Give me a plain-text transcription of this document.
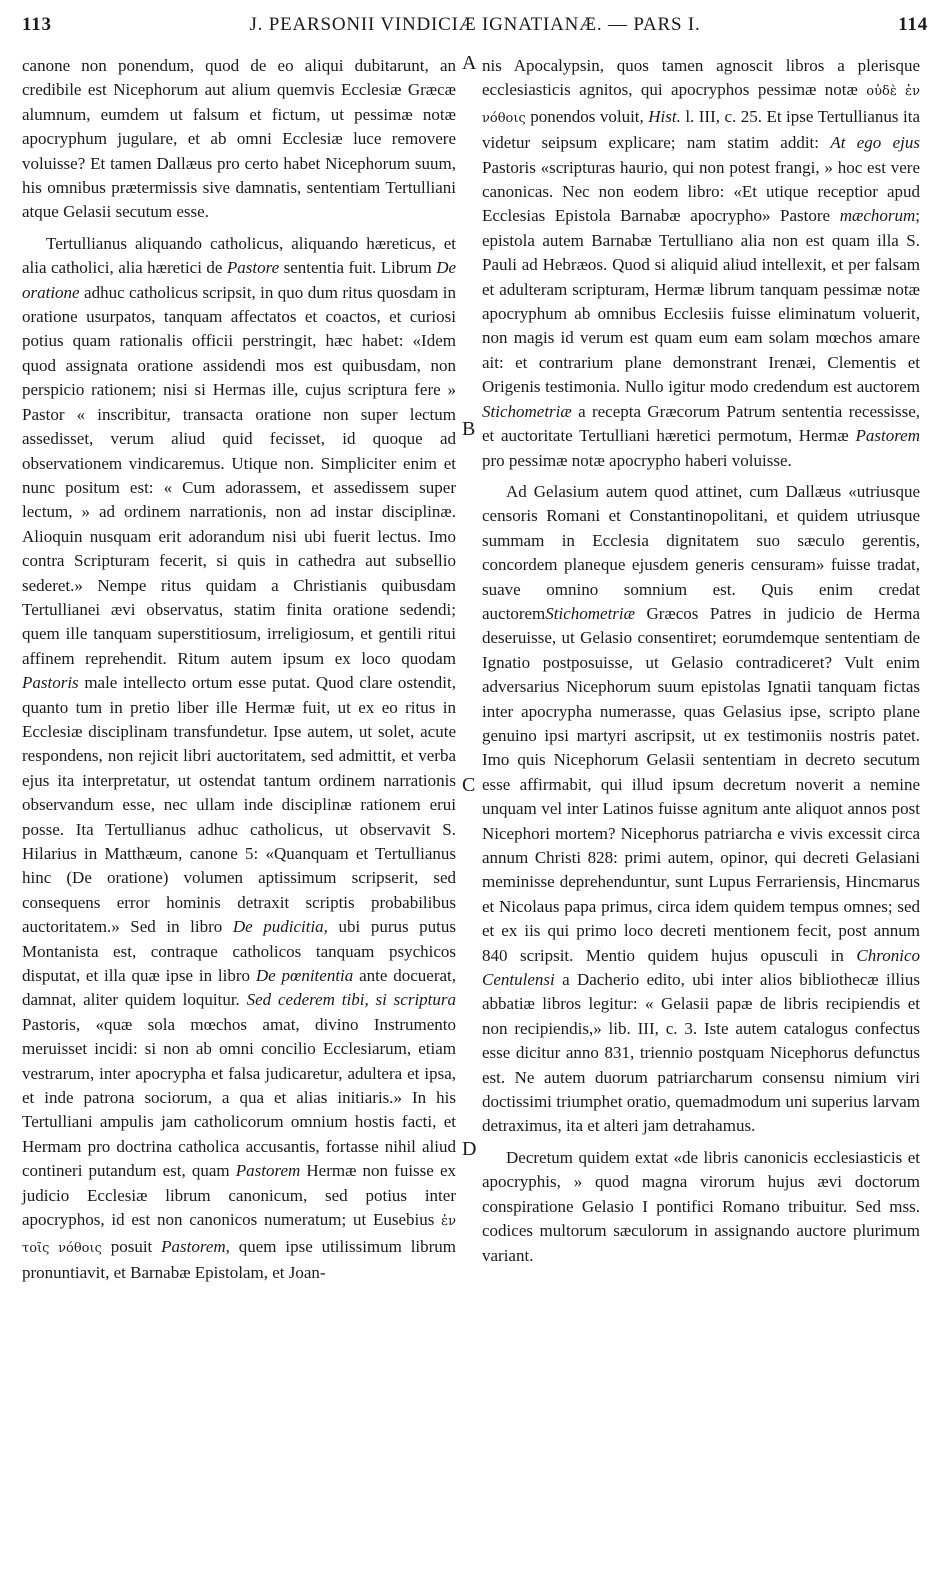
113	J. PEARSONII VINDICIÆ IGNATIANÆ. — PARS I.	114
A
B
C
D

canone non ponendum, quod de eo aliqui dubitarunt, an credibile est Nicephorum aut alium quemvis Ecclesiæ Græcæ alumnum, eumdem ut falsum et fictum, ut pessimæ notæ apocryphum jugulare, et ab omni Ecclesiæ luce removere voluisse? Et tamen Dallæus pro certo habet Nicephorum suum, his omnibus prætermissis sive damnatis, sententiam Tertulliani atque Gelasii secutum esse.

Tertullianus aliquando catholicus, aliquando hæreticus, et alia catholici, alia hæretici de Pastore sententia fuit. Librum De oratione adhuc catholicus scripsit, in quo dum ritus quosdam in oratione usurpatos, tanquam affectatos et coactos, et curiosi potius quam rationalis officii perstringit, hæc habet: «Idem quod assignata oratione assidendi mos est quibusdam, non perspicio rationem; nisi si Hermas ille, cujus scriptura fere » Pastor « inscribitur, transacta oratione non super lectum assedisset, verum aliud quid fecisset, id quoque ad observationem vindicaremus. Utique non. Simpliciter enim et nunc positum est: « Cum adorassem, et assedissem super lectum, » ad ordinem narrationis, non ad instar disciplinæ. Alioquin nusquam erit adorandum nisi ubi fuerit lectus. Imo contra Scripturam fecerit, si quis in cathedra aut subsellio sederet.» Nempe ritus quidam a Christianis quibusdam Tertullianei ævi observatus, statim finita oratione sedendi; quem ille tanquam superstitiosum, irreligiosum, et gentili ritui affinem reprehendit. Ritum autem ipsum ex loco quodam Pastoris male intellecto ortum esse putat. Quod clare ostendit, quanto tum in pretio liber ille Hermæ fuit, ut ex eo ritus in Ecclesiæ disciplinam transfundetur. Ipse autem, ut solet, acute respondens, non rejicit libri auctoritatem, sed admittit, et verba ejus ita interpretatur, ut ostendat tantum ordinem narrationis observandum esse, nec ullam inde disciplinæ rationem erui posse. Ita Tertullianus adhuc catholicus, ut observavit S. Hilarius in Matthæum, canone 5: «Quanquam et Tertullianus hinc (De oratione) volumen aptissimum scripserit, sed consequens error hominis detraxit scriptis probabilibus auctoritatem.» Sed in libro De pudicitia, ubi purus putus Montanista est, contraque catholicos tanquam psychicos disputat, et illa quæ ipse in libro De pœnitentia ante docuerat, damnat, aliter quidem loquitur. Sed cederem tibi, si scriptura Pastoris, «quæ sola mœchos amat, divino Instrumento meruisset incidi: si non ab omni concilio Ecclesiarum, etiam vestrarum, inter apocrypha et falsa judicaretur, adultera et ipsa, et inde patrona sociorum, a qua et alias initiaris.» In his Tertulliani ampulis jam catholicorum omnium hostis facti, et Hermam pro doctrina catholica accusantis, fortasse nihil aliud contineri putandum est, quam Pastorem Hermæ non fuisse ex judicio Ecclesiæ librum canonicum, sed potius inter apocryphos, id est non canonicos numeratum; ut Eusebius ἐν τοῖς νόθοις posuit Pastorem, quem ipse utilissimum librum pronuntiavit, et Barnabæ Epistolam, et Joan-

nis Apocalypsin, quos tamen agnoscit libros a plerisque ecclesiasticis agnitos, qui apocryphos pessimæ notæ οὐδὲ ἐν νόθοις ponendos voluit, Hist. l. III, c. 25. Et ipse Tertullianus ita videtur seipsum explicare; nam statim addit: At ego ejus Pastoris «scripturas haurio, qui non potest frangi, » hoc est vere canonicas. Nec non eodem libro: «Et utique receptior apud Ecclesias Epistola Barnabæ apocrypho» Pastore mæchorum; epistola autem Barnabæ Tertulliano alia non est quam illa S. Pauli ad Hebræos. Quod si aliquid aliud intellexit, et per falsam et adulteram scripturam, Hermæ librum tanquam pessimæ notæ apocryphum ab omnibus Ecclesiis fuisse eliminatum voluerit, non magis id verum est quam eum eam solam mœchos amare ait: et contrarium plane demonstrant Irenæi, Clementis et Origenis testimonia. Nullo igitur modo credendum est auctorem Stichometriæ a recepta Græcorum Patrum sententia recessisse, et auctoritate Tertulliani hæretici permotum, Hermæ Pastorem pro pessimæ notæ apocrypho haberi voluisse.

Ad Gelasium autem quod attinet, cum Dallæus «utriusque censoris Romani et Constantinopolitani, et quidem utriusque summam in Ecclesia dignitatem suo sæculo gerentis, concordem planeque ejusdem generis censuram» fuisse tradat, suave omnino somnium est. Quis enim credat auctoremStichometriæ Græcos Patres in judicio de Herma deseruisse, ut Gelasio consentiret; eorumdemque sententiam de Ignatio postposuisse, ut Gelasio contradiceret? Vult enim adversarius Nicephorum suum epistolas Ignatii tanquam fictas inter apocrypha numerasse, quas Gelasius ipse, scripto plane genuino ipsi martyri ascripsit, ut ex testimoniis nostris patet. Imo quis Nicephorum Gelasii sententiam in decreto secutum esse affirmabit, qui illud ipsum decretum noverit a nemine unquam vel inter Latinos fuisse agnitum ante aliquot annos post Nicephori mortem? Nicephorus patriarcha e vivis excessit circa annum Christi 828: primi autem, opinor, qui decreti Gelasiani meminisse deprehenduntur, sunt Lupus Ferrariensis, Hincmarus et Nicolaus papa primus, circa idem quidem tempus omnes; sed et ex iis qui primo loco decreti mentionem fecit, post annum 840 scripsit. Mentio quidem hujus opusculi in Chronico Centulensi a Dacherio edito, ubi inter alios bibliothecæ illius abbatiæ libros legitur: « Gelasii papæ de libris recipiendis et non recipiendis,» lib. III, c. 3. Iste autem catalogus confectus esse dicitur anno 831, triennio postquam Nicephorus defunctus est. Ne autem duorum patriarcharum consensu nimium viri doctissimi triumphet oratio, quemadmodum uni superius larvam detraximus, ita et alteri jam detrahamus.

Decretum quidem extat «de libris canonicis ecclesiasticis et apocryphis, » quod magna virorum hujus ævi doctorum conspiratione Gelasio I pontifici Romano tribuitur. Sed mss. codices multorum sæculorum in assignando auctore plurimum variant.
